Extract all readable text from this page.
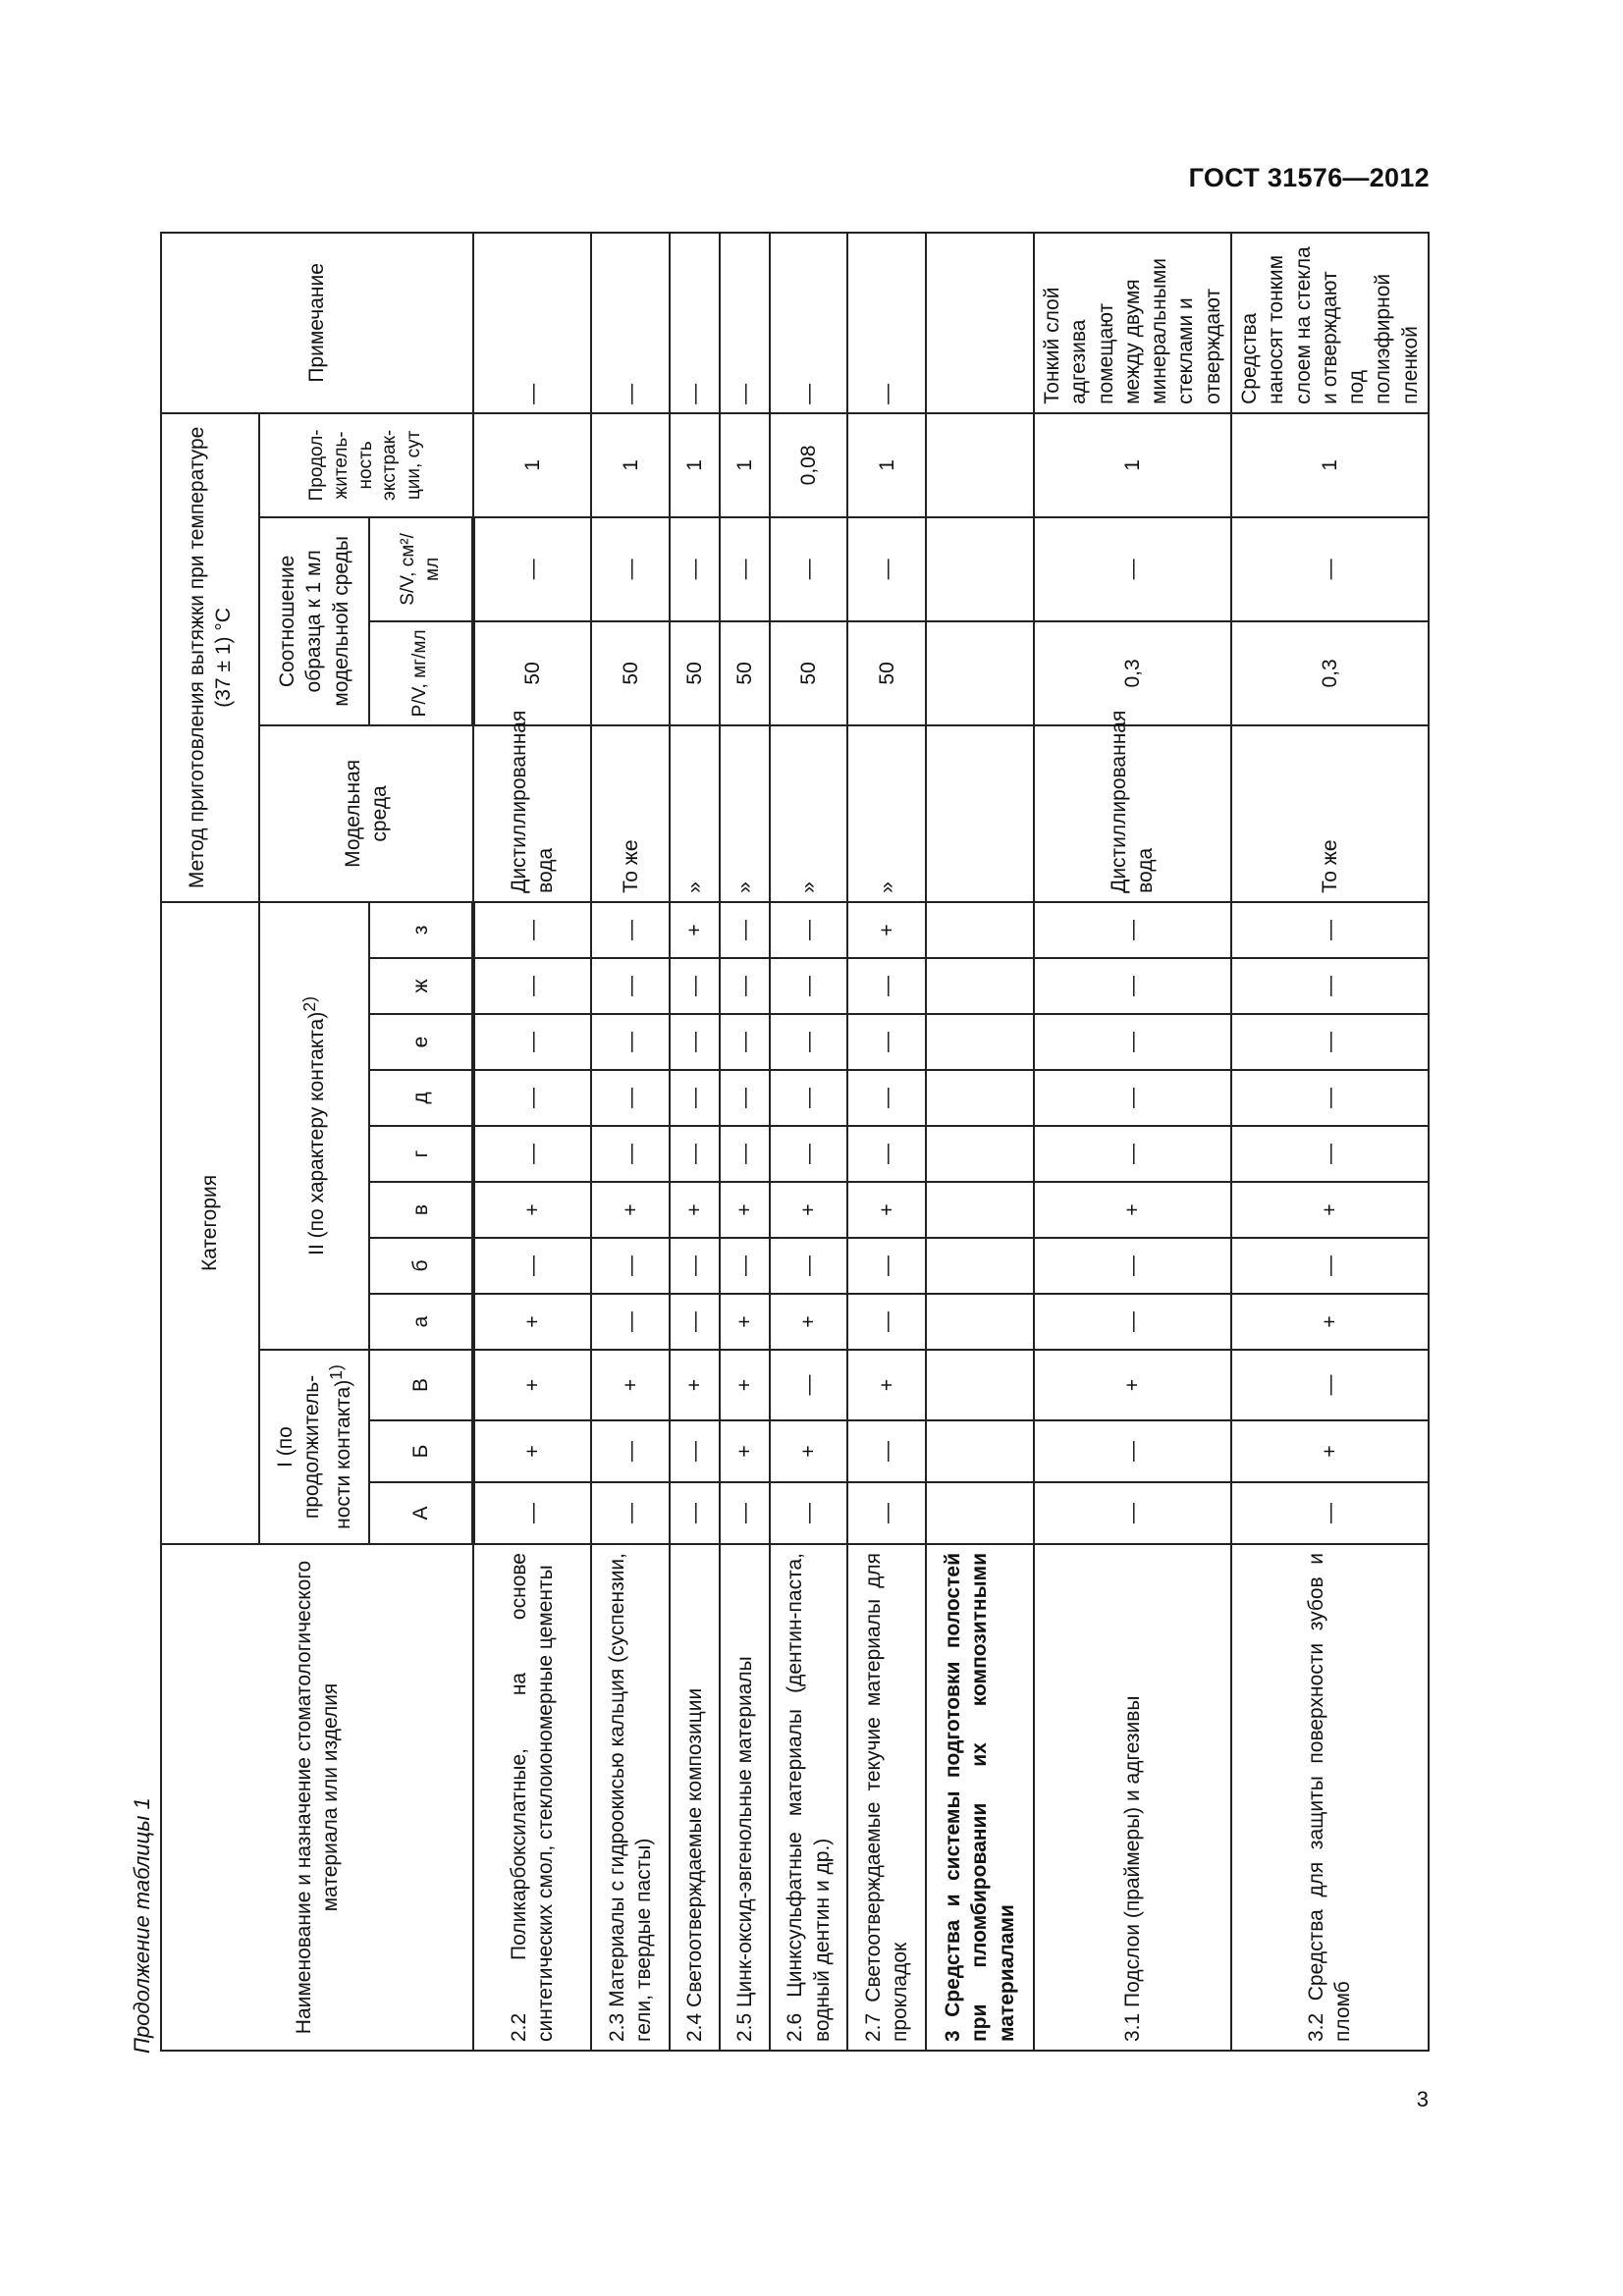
ГОСТ 31576—2012
Продолжение таблицы 1	Наименование и назначение стоматологического материала или изделия	Категория											Метод приготовления вытяжки при температуре (37 ± 1) °C				Примечание
	I (по продолжитель-ности контакта)$^{1)}$			II (по характеру контакта)$^{2)}$								Модельная среда	Соотношение образца к 1 мл модельной среды		Продол-житель-ность экстрак-ции, сут	
	А	Б	В	а	б	в	г	д	е	ж	з		P/V, мг/мл	S/V, см²/мл		
2.2 Поликарбоксилатные, на основе синтетических смол, стеклоиономерные цементы	—	+	+	+	—	+	—	—	—	—	—	Дистиллированная вода	50	—	1	—
2.3 Материалы с гидроокисью кальция (суспензии, гели, твердые пасты)	—	—	+	—	—	+	—	—	—	—	—	То же	50	—	1	—
2.4 Светоотверждаемые композиции	—	—	+	—	—	+	—	—	—	—	+	»	50	—	1	—
2.5 Цинк-оксид-эвгенольные материалы	—	+	+	+	—	+	—	—	—	—	—	»	50	—	1	—
2.6 Цинксульфатные материалы (дентин-паста, водный дентин и др.)	—	+	—	+	—	+	—	—	—	—	—	»	50	—	0,08	—
2.7 Светоотверждаемые текучие материалы для прокладок	—	—	+	—	—	+	—	—	—	—	+	»	50	—	1	—
3 Средства и системы подготовки полостей при пломбировании их композитными материалами																
3.1 Подслои (праймеры) и адгезивы	—	—	+	—	—	+	—	—	—	—	—	Дистиллированная вода	0,3	—	1	Тонкий слой адгезива помещают между двумя минеральными стеклами и отверждают
3.2 Средства для защиты поверхности зубов и пломб	—	+	—	+	—	+	—	—	—	—	—	То же	0,3	—	1	Средства наносят тонким слоем на стекла и отверждают под полиэфирной пленкой
3
